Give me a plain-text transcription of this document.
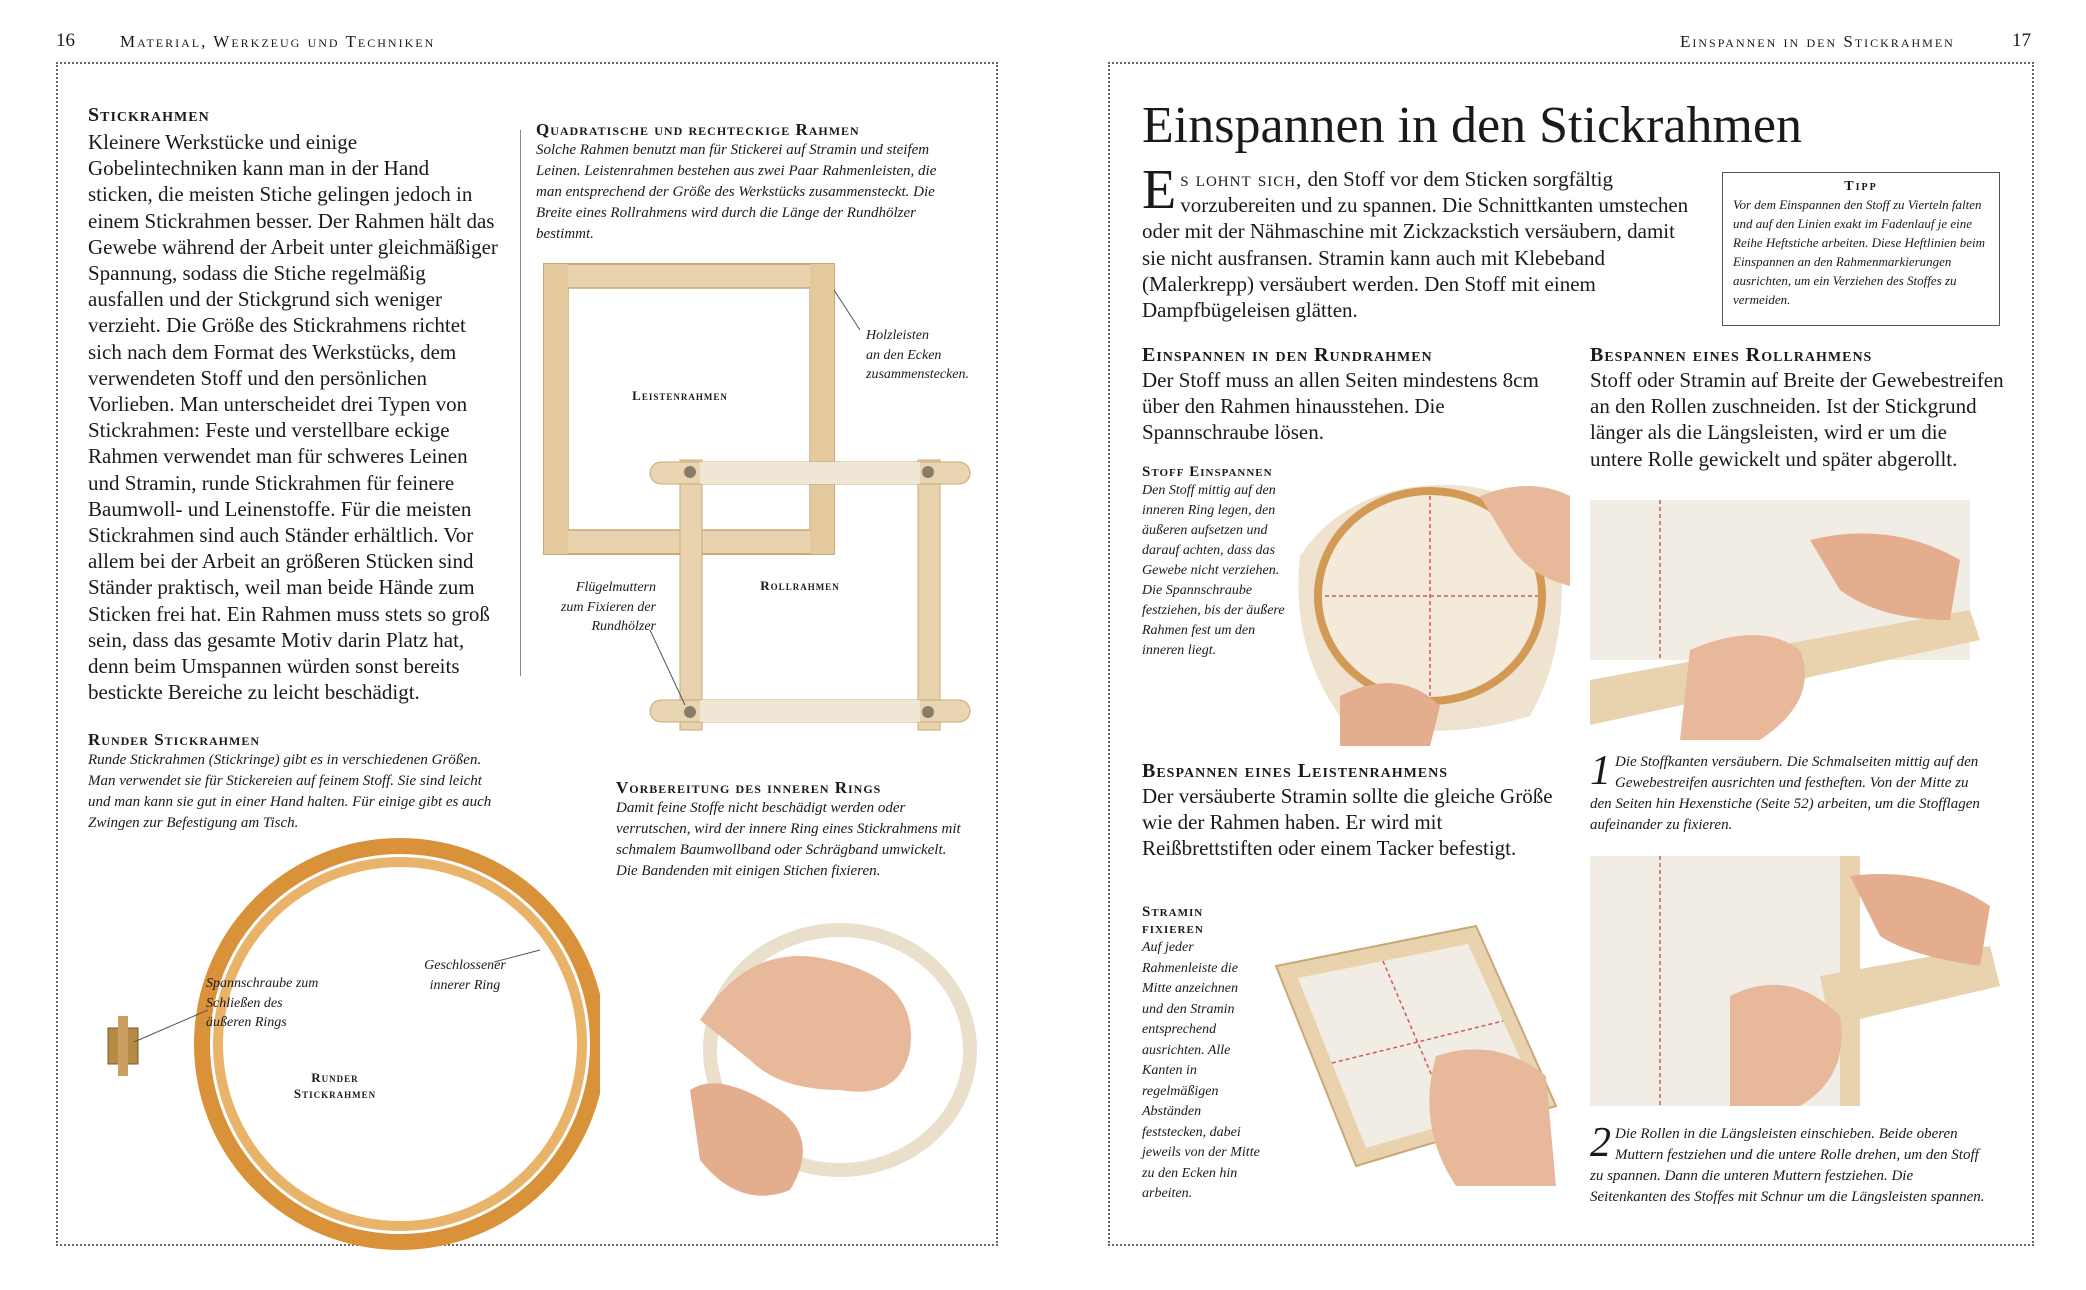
16	Material, Werkzeug und Techniken
Stickrahmen
Kleinere Werkstücke und einige Gobelintechniken kann man in der Hand sticken, die meisten Stiche gelingen jedoch in einem Stickrahmen besser. Der Rahmen hält das Gewebe während der Arbeit unter gleichmäßiger Spannung, sodass die Stiche regelmäßig ausfallen und der Stickgrund sich weniger verzieht. Die Größe des Stickrahmens richtet sich nach dem Format des Werkstücks, dem verwendeten Stoff und den persönlichen Vorlieben. Man unterscheidet drei Typen von Stickrahmen: Feste und verstellbare eckige Rahmen verwendet man für schweres Leinen und Stramin, runde Stickrahmen für feinere Baumwoll- und Leinenstoffe. Für die meisten Stickrahmen sind auch Ständer erhältlich. Vor allem bei der Arbeit an größeren Stücken sind Ständer praktisch, weil man beide Hände zum Sticken frei hat. Ein Rahmen muss stets so groß sein, dass das gesamte Motiv darin Platz hat, denn beim Umspannen würden sonst bereits bestickte Bereiche zu leicht beschädigt.
Quadratische und rechteckige Rahmen
Solche Rahmen benutzt man für Stickerei auf Stramin und steifem Leinen. Leistenrahmen bestehen aus zwei Paar Rahmenleisten, die man entsprechend der Größe des Werkstücks zusammensteckt. Die Breite eines Rollrahmens wird durch die Länge der Rundhölzer bestimmt.
Leistenrahmen
Rollrahmen
Holzleisten an den Ecken zusammenstecken.
Flügelmuttern zum Fixieren der Rundhölzer
Runder Stickrahmen
Runde Stickrahmen (Stickringe) gibt es in verschiedenen Größen. Man verwendet sie für Stickereien auf feinem Stoff. Sie sind leicht und man kann sie gut in einer Hand halten. Für einige gibt es auch Zwingen zur Befestigung am Tisch.
Spannschraube zum Schließen des äußeren Rings
Geschlossener innerer Ring
Runder Stickrahmen
Vorbereitung des inneren Rings
Damit feine Stoffe nicht beschädigt werden oder verrutschen, wird der innere Ring eines Stickrahmens mit schmalem Baumwollband oder Schrägband umwickelt. Die Bandenden mit einigen Stichen fixieren.
Einspannen in den Stickrahmen	17
Einspannen in den Stickrahmen
Es lohnt sich, den Stoff vor dem Sticken sorgfältig vorzubereiten und zu spannen. Die Schnittkanten umstechen oder mit der Nähmaschine mit Zickzackstich versäubern, damit sie nicht ausfransen. Stramin kann auch mit Klebeband (Malerkrepp) versäubert werden. Den Stoff mit einem Dampfbügeleisen glätten.
Tipp
Vor dem Einspannen den Stoff zu Vierteln falten und auf den Linien exakt im Fadenlauf je eine Reihe Heftstiche arbeiten. Diese Heftlinien beim Einspannen an den Rahmenmarkierungen ausrichten, um ein Verziehen des Stoffes zu vermeiden.
Einspannen in den Rundrahmen
Der Stoff muss an allen Seiten mindestens 8cm über den Rahmen hinausstehen. Die Spannschraube lösen.
Stoff Einspannen
Den Stoff mittig auf den inneren Ring legen, den äußeren aufsetzen und darauf achten, dass das Gewebe nicht verziehen. Die Spannschraube festziehen, bis der äußere Rahmen fest um den inneren liegt.
Bespannen eines Leistenrahmens
Der versäuberte Stramin sollte die gleiche Größe wie der Rahmen haben. Er wird mit Reißbrettstiften oder einem Tacker befestigt.
Stramin fixieren
Auf jeder Rahmenleiste die Mitte anzeichnen und den Stramin entsprechend ausrichten. Alle Kanten in regelmäßigen Abständen feststecken, dabei jeweils von der Mitte zu den Ecken hin arbeiten.
Bespannen eines Rollrahmens
Stoff oder Stramin auf Breite der Gewebestreifen an den Rollen zuschneiden. Ist der Stickgrund länger als die Längsleisten, wird er um die untere Rolle gewickelt und später abgerollt.
1 Die Stoffkanten versäubern. Die Schmalseiten mittig auf den Gewebestreifen ausrichten und festheften. Von der Mitte zu den Seiten hin Hexenstiche (Seite 52) arbeiten, um die Stofflagen aufeinander zu fixieren.
2 Die Rollen in die Längsleisten einschieben. Beide oberen Muttern festziehen und die untere Rolle drehen, um den Stoff zu spannen. Dann die unteren Muttern festziehen. Die Seitenkanten des Stoffes mit Schnur um die Längsleisten spannen.
